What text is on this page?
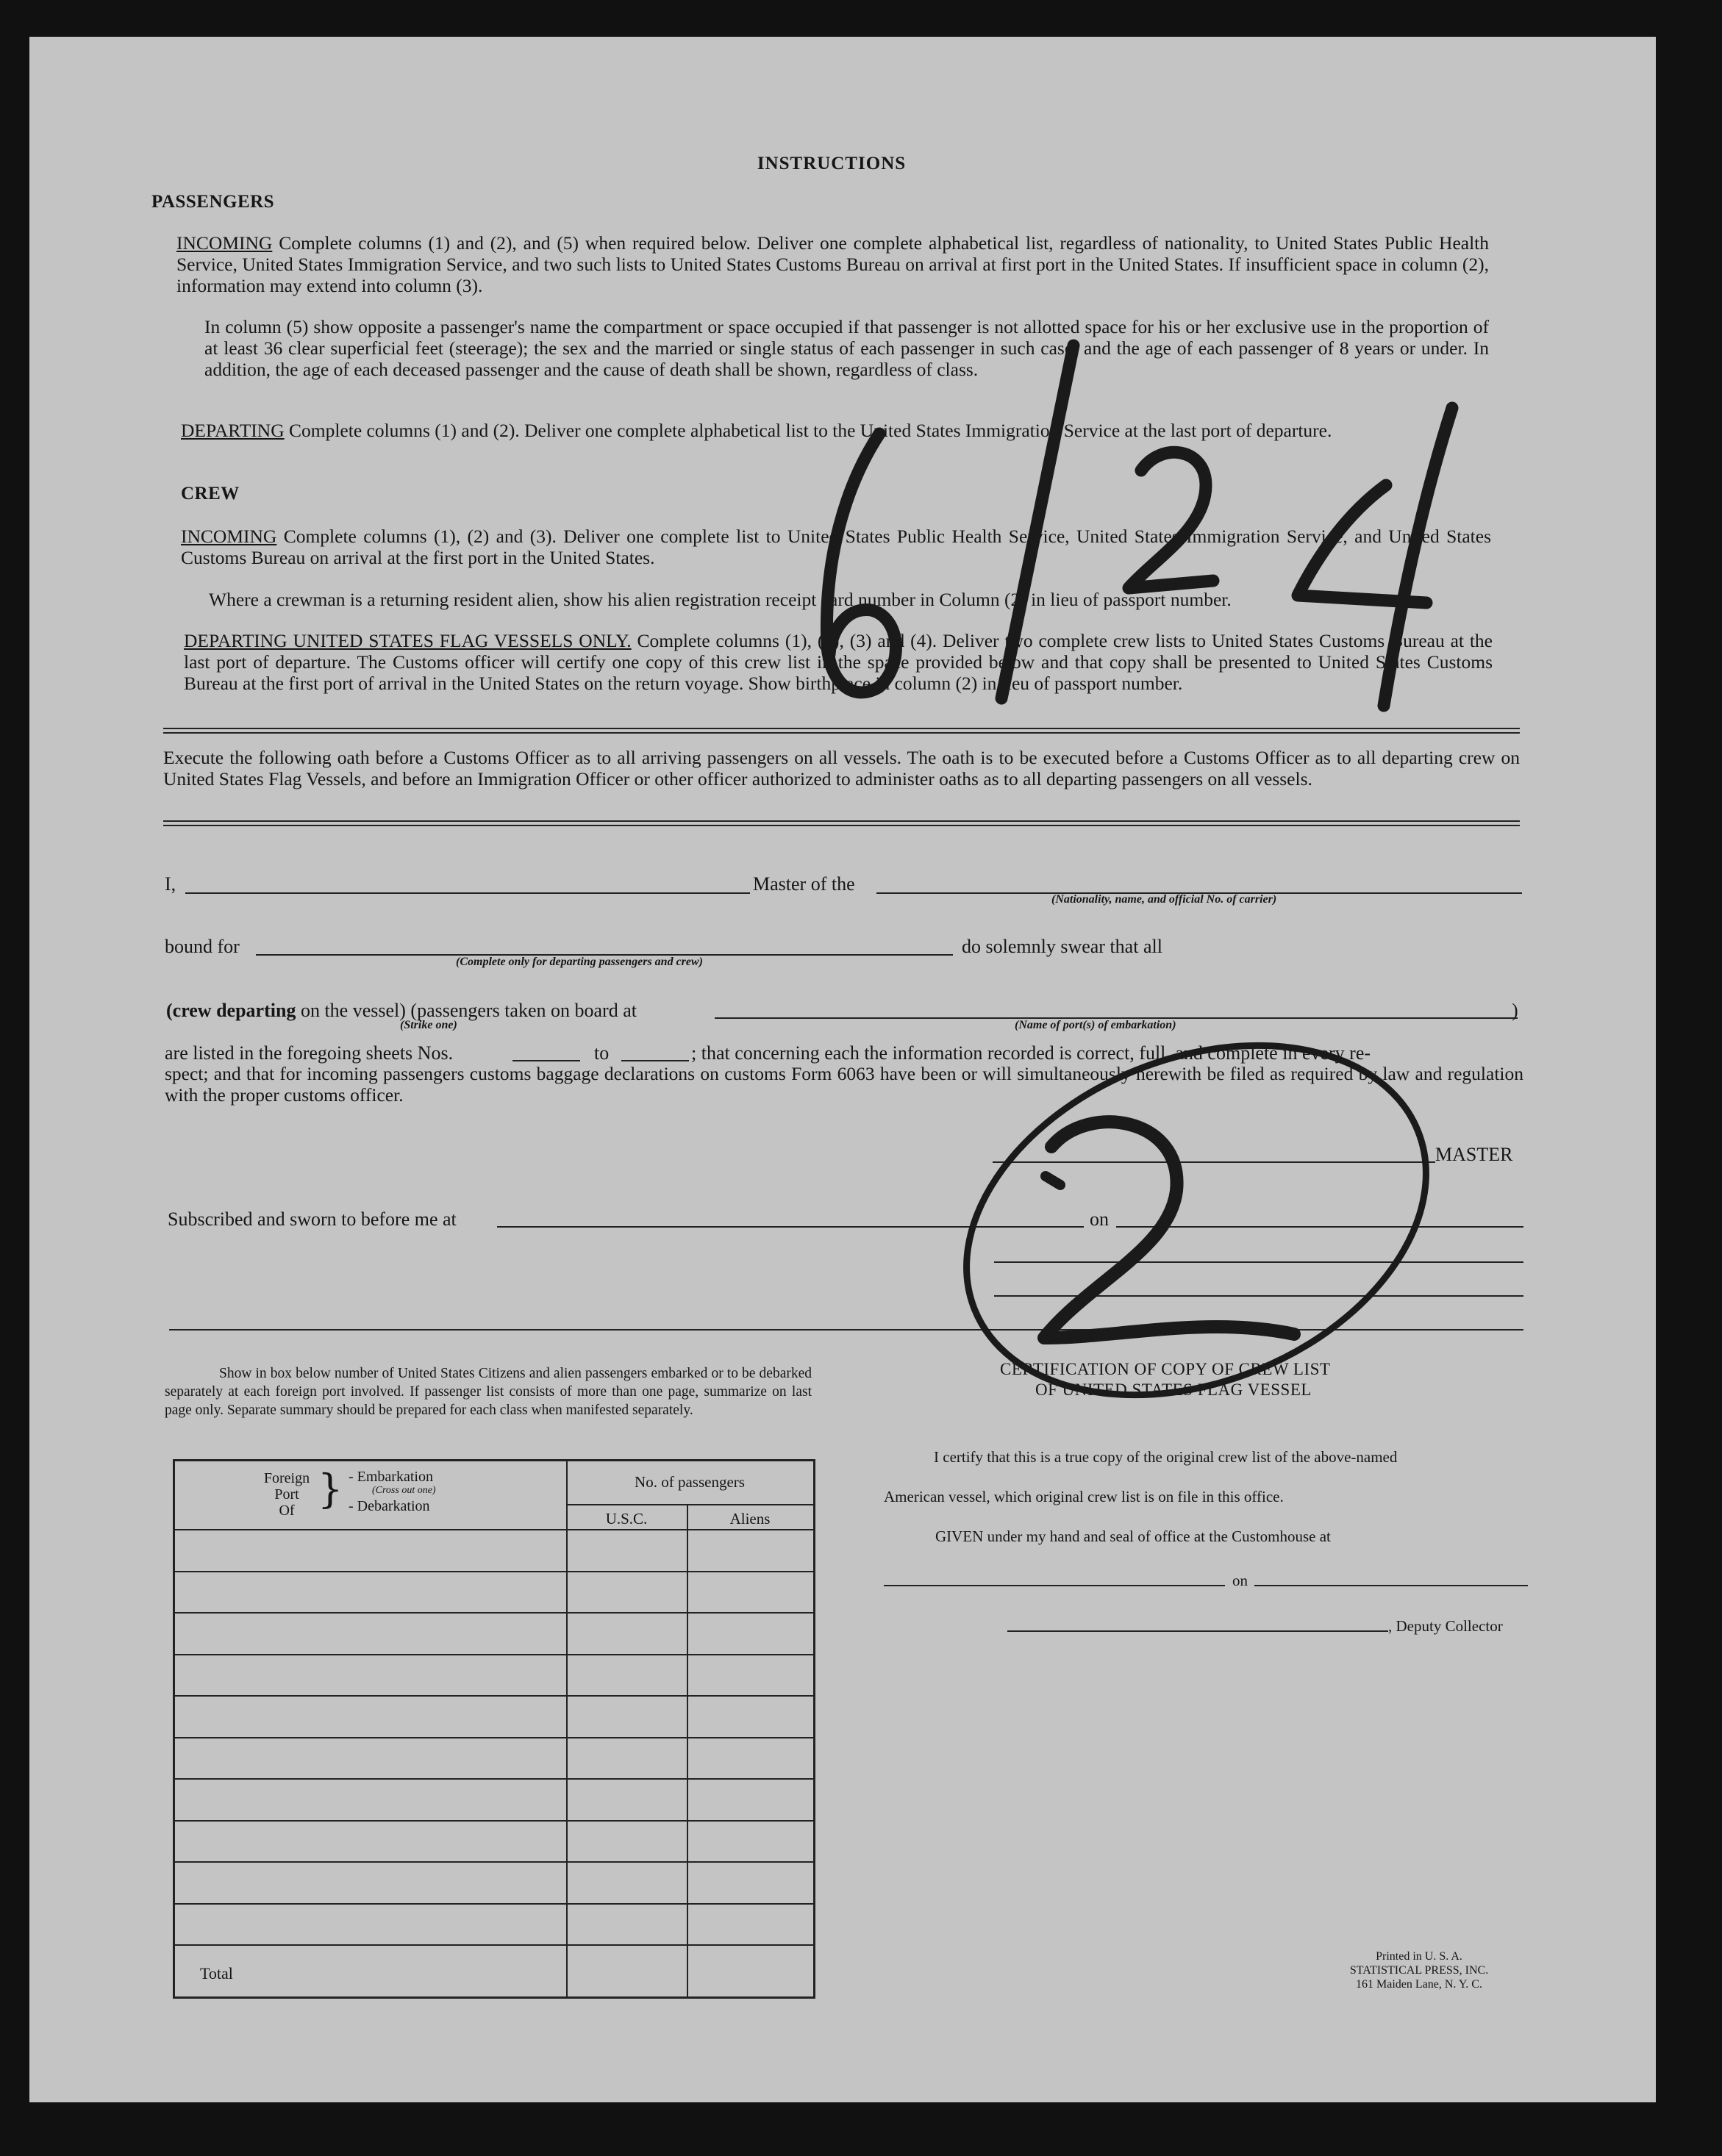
INSTRUCTIONS
PASSENGERS
INCOMING Complete columns (1) and (2), and (5) when required below. Deliver one complete alphabetical list, regardless of nationality, to United States Public Health Service, United States Immigration Service, and two such lists to United States Customs Bureau on arrival at first port in the United States. If insufficient space in column (2), information may extend into column (3).
In column (5) show opposite a passenger's name the compartment or space occupied if that passenger is not allotted space for his or her exclusive use in the proportion of at least 36 clear superficial feet (steerage); the sex and the married or single status of each passenger in such case; and the age of each passenger of 8 years or under. In addition, the age of each deceased passenger and the cause of death shall be shown, regardless of class.
DEPARTING Complete columns (1) and (2). Deliver one complete alphabetical list to the United States Immigration Service at the last port of departure.
CREW
INCOMING Complete columns (1), (2) and (3). Deliver one complete list to United States Public Health Service, United States Immigration Service, and United States Customs Bureau on arrival at the first port in the United States.
Where a crewman is a returning resident alien, show his alien registration receipt card number in Column (2) in lieu of passport number.
DEPARTING UNITED STATES FLAG VESSELS ONLY. Complete columns (1), (2), (3) and (4). Deliver two complete crew lists to United States Customs Bureau at the last port of departure. The Customs officer will certify one copy of this crew list in the space provided below and that copy shall be presented to United States Customs Bureau at the first port of arrival in the United States on the return voyage. Show birthplace in column (2) in lieu of passport number.
Execute the following oath before a Customs Officer as to all arriving passengers on all vessels. The oath is to be executed before a Customs Officer as to all departing crew on United States Flag Vessels, and before an Immigration Officer or other officer authorized to administer oaths as to all departing passengers on all vessels.
I,	Master of the
(Nationality, name, and official No. of carrier)
bound for
(Complete only for departing passengers and crew)
do solemnly swear that all
(crew departing on the vessel) (passengers taken on board at
(Strike one)	(Name of port(s) of embarkation)
)
are listed in the foregoing sheets Nos.	to	; that concerning each the information recorded is correct, full, and complete in every re-
spect; and that for incoming passengers customs baggage declarations on customs Form 6063 have been or will simultaneously herewith be filed as required by law and regulation with the proper customs officer.
MASTER
Subscribed and sworn to before me at	on
Show in box below number of United States Citizens and alien passengers embarked or to be debarked separately at each foreign port involved. If passenger list consists of more than one page, summarize on last page only. Separate summary should be prepared for each class when manifested separately.
Foreign
Port
Of } - Embarkation
(Cross out one)
- Debarkation
No. of passengers
U.S.C.	Aliens
Total
CERTIFICATION OF COPY OF CREW LIST
OF UNITED STATES FLAG VESSEL
I certify that this is a true copy of the original crew list of the above-named
American vessel, which original crew list is on file in this office.
GIVEN under my hand and seal of office at the Customhouse at
on
, Deputy Collector
Printed in U. S. A.
STATISTICAL PRESS, INC.
161 Maiden Lane, N. Y. C.
